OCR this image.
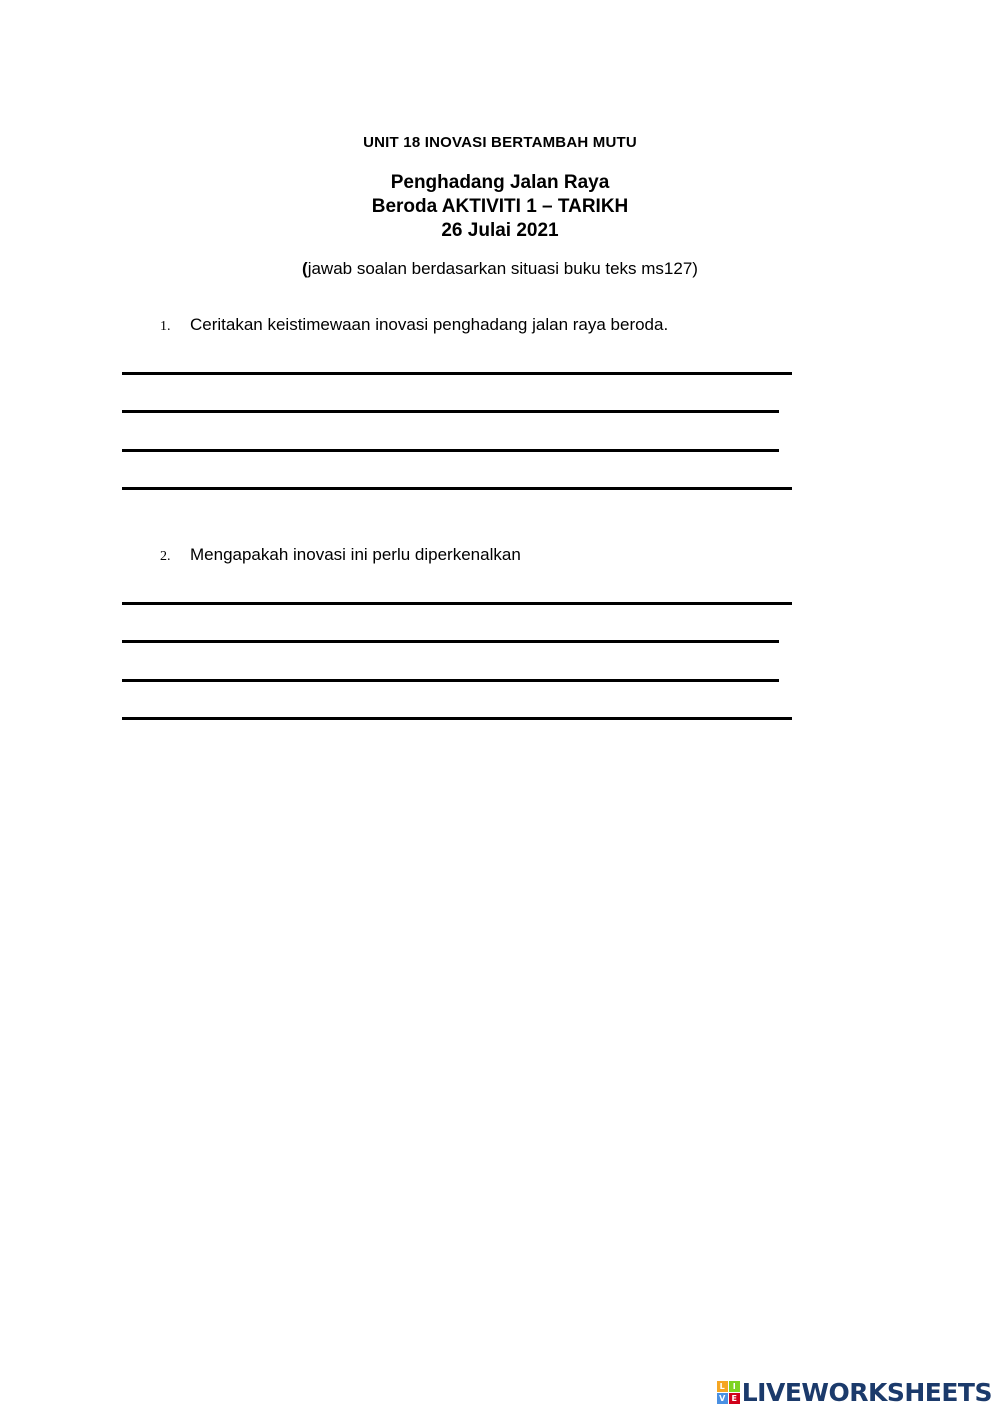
UNIT 18 INOVASI BERTAMBAH MUTU
Penghadang Jalan Raya
Beroda AKTIVITI 1 – TARIKH
26 Julai 2021
(jawab soalan berdasarkan situasi buku teks ms127)
1. Ceritakan keistimewaan inovasi penghadang jalan raya beroda.
2. Mengapakah inovasi ini perlu diperkenalkan
L I
V E LIVEWORKSHEETS
